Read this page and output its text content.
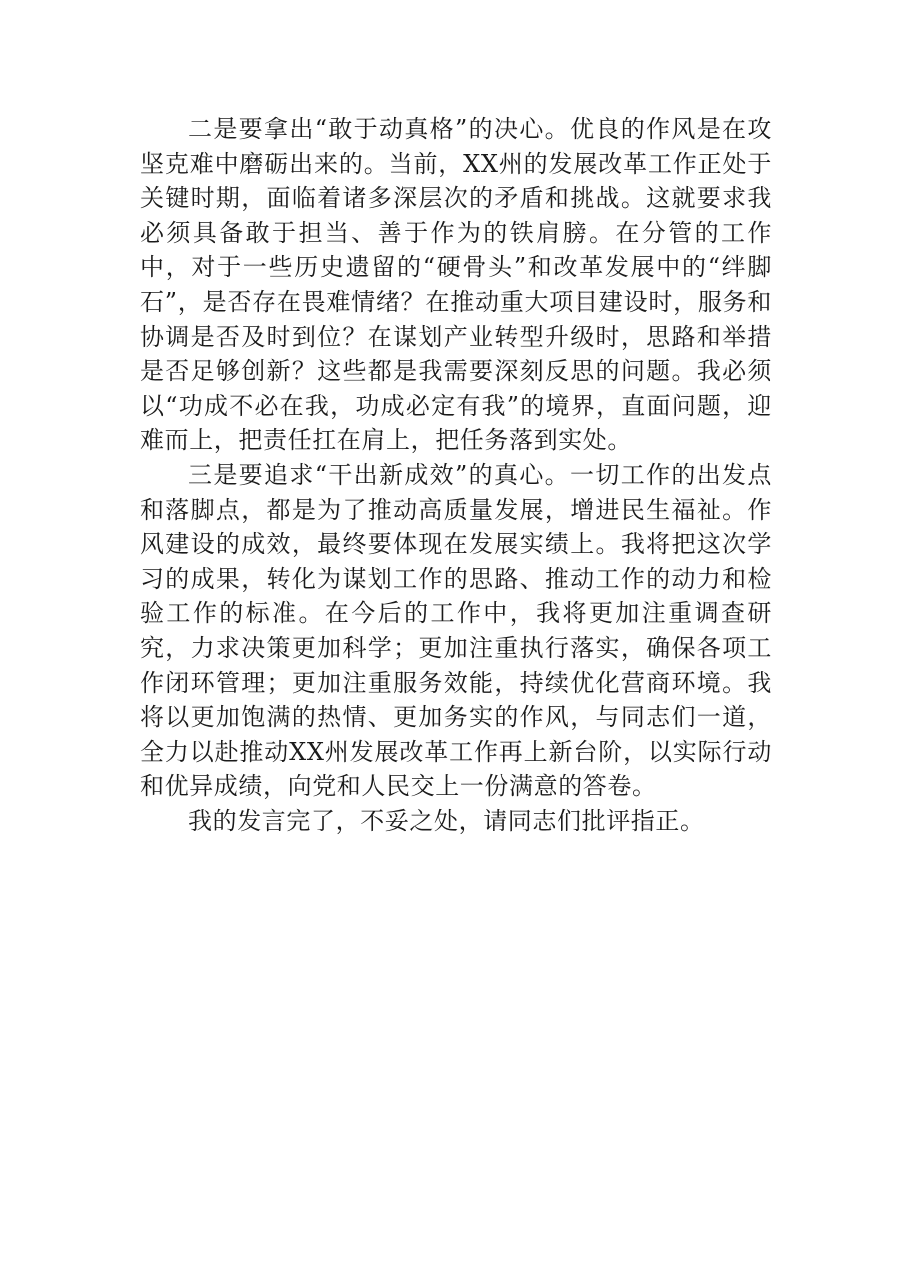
二是要拿出“敢于动真格”的决心。优良的作风是在攻坚克难中磨砺出来的。当前，XX州的发展改革工作正处于关键时期，面临着诸多深层次的矛盾和挑战。这就要求我必须具备敢于担当、善于作为的铁肩膀。在分管的工作中，对于一些历史遗留的“硬骨头”和改革发展中的“绊脚石”，是否存在畏难情绪？在推动重大项目建设时，服务和协调是否及时到位？在谋划产业转型升级时，思路和举措是否足够创新？这些都是我需要深刻反思的问题。我必须以“功成不必在我，功成必定有我”的境界，直面问题，迎难而上，把责任扛在肩上，把任务落到实处。

三是要追求“干出新成效”的真心。一切工作的出发点和落脚点，都是为了推动高质量发展，增进民生福祉。作风建设的成效，最终要体现在发展实绩上。我将把这次学习的成果，转化为谋划工作的思路、推动工作的动力和检验工作的标准。在今后的工作中，我将更加注重调查研究，力求决策更加科学；更加注重执行落实，确保各项工作闭环管理；更加注重服务效能，持续优化营商环境。我将以更加饱满的热情、更加务实的作风，与同志们一道，全力以赴推动XX州发展改革工作再上新台阶，以实际行动和优异成绩，向党和人民交上一份满意的答卷。

我的发言完了，不妥之处，请同志们批评指正。
